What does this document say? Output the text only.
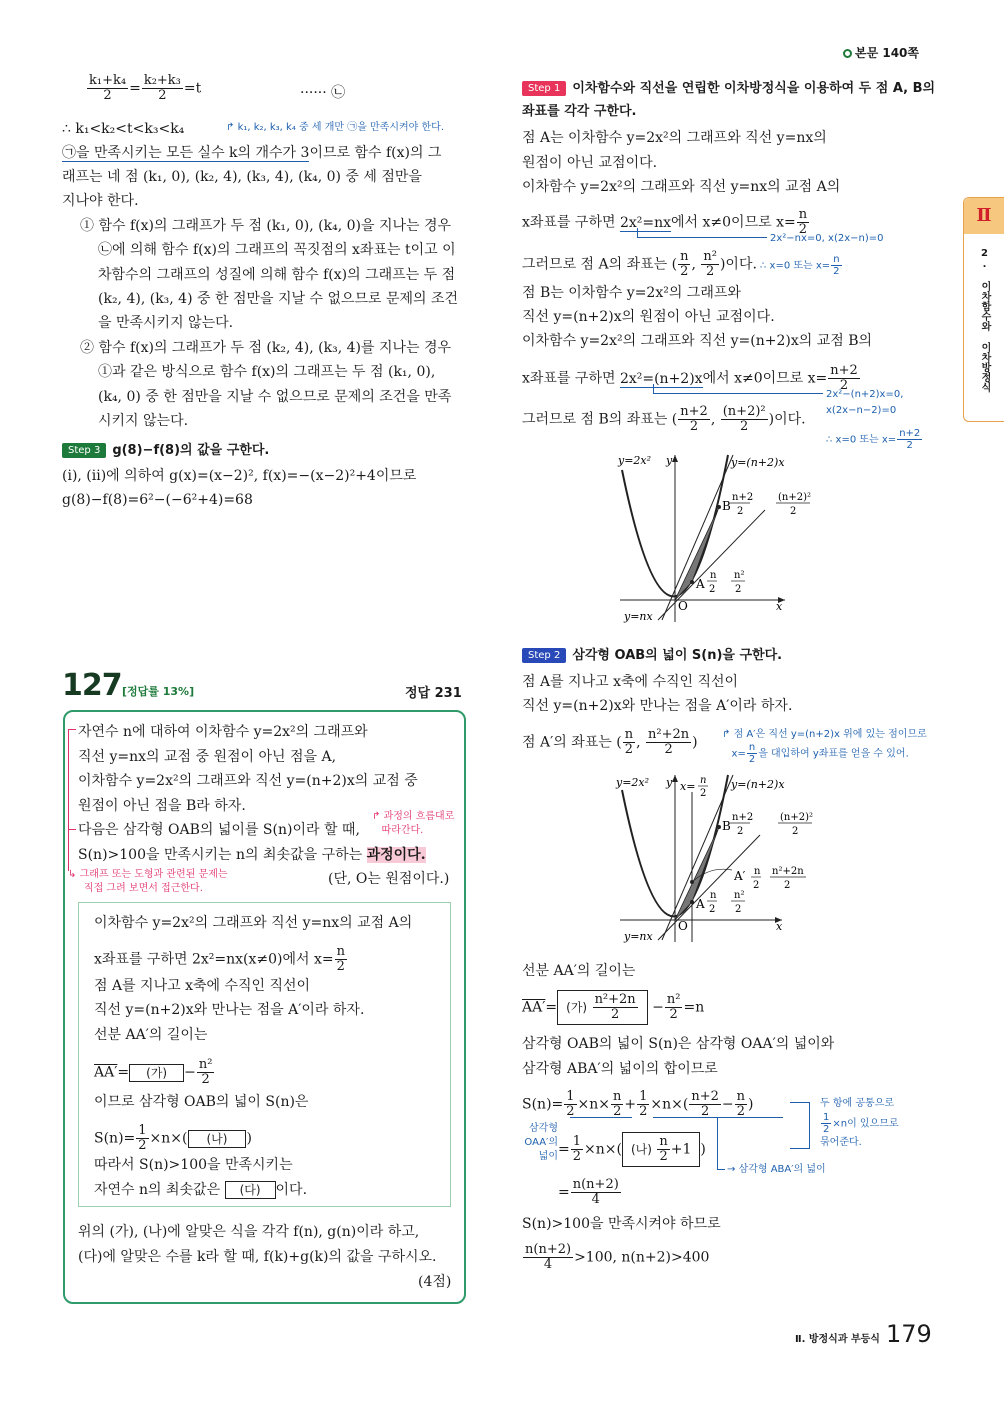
본문 140쪽
Ⅱ
2. 이차함수와 이차방정식
$\frac{\text{k₁+k₄}}{2} = \frac{\text{k₂+k₃}}{2} =t$	······ ㉡
∴ k₁<k₂<t<k₃<k₄	↱ k₁, k₂, k₃, k₄ 중 세 개만 ㉠을 만족시켜야 한다.
㉠을 만족시키는 모든 실수 k의 개수가 3이므로 함수 f(x)의 그
래프는 네 점 (k₁, 0), (k₂, 4), (k₃, 4), (k₄, 0) 중 세 점만을
지나야 한다.
① 함수 f(x)의 그래프가 두 점 (k₁, 0), (k₄, 0)을 지나는 경우
㉡에 의해 함수 f(x)의 그래프의 꼭짓점의 x좌표는 t이고 이
차함수의 그래프의 성질에 의해 함수 f(x)의 그래프는 두 점
(k₂, 4), (k₃, 4) 중 한 점만을 지날 수 없으므로 문제의 조건
을 만족시키지 않는다.
② 함수 f(x)의 그래프가 두 점 (k₂, 4), (k₃, 4)를 지나는 경우
①과 같은 방식으로 함수 f(x)의 그래프는 두 점 (k₁, 0),
(k₄, 0) 중 한 점만을 지날 수 없으므로 문제의 조건을 만족
시키지 않는다.
Step 3 g(8)−f(8)의 값을 구한다.
(i), (ii)에 의하여 g(x)=(x−2)², f(x)=−(x−2)²+4이므로
g(8)−f(8)=6²−(−6²+4)=68
127 [정답률 13%]	정답 231
자연수 n에 대하여 이차함수 y=2x²의 그래프와
직선 y=nx의 교점 중 원점이 아닌 점을 A,
이차함수 y=2x²의 그래프와 직선 y=(n+2)x의 교점 중
원점이 아닌 점을 B라 하자.
다음은 삼각형 OAB의 넓이를 S(n)이라 할 때,
S(n)>100을 만족시키는 n의 최솟값을 구하는 과정이다.
(단, O는 원점이다.)
↱ 과정의 흐름대로
따라간다.
↳ 그래프 또는 도형과 관련된 문제는
직접 그려 보면서 접근한다.
이차함수 y=2x²의 그래프와 직선 y=nx의 교점 A의
x좌표를 구하면 2x²=nx(x≠0)에서 $x= \frac{n}{2}$
점 A를 지나고 x축에 수직인 직선이
직선 y=(n+2)x와 만나는 점을 A′이라 하자.
선분 AA′의 길이는
AA′= (가) − $\frac{\text{n²}}{2}$
이므로 삼각형 OAB의 넓이 S(n)은
$S(n)= \frac{1}{2} \times n\times$( (나) )
따라서 S(n)>100을 만족시키는
자연수 n의 최솟값은 (다) 이다.
위의 (가), (나)에 알맞은 식을 각각 f(n), g(n)이라 하고,
(다)에 알맞은 수를 k라 할 때, f(k)+g(k)의 값을 구하시오.
(4점)
Step 1 이차함수와 직선을 연립한 이차방정식을 이용하여 두 점 A, B의
좌표를 각각 구한다.
점 A는 이차함수 y=2x²의 그래프와 직선 y=nx의
원점이 아닌 교점이다.
이차함수 y=2x²의 그래프와 직선 y=nx의 교점 A의
x좌표를 구하면 2x²=nx에서 x≠0이므로 $x= \frac{n}{2}$
2x²−nx=0, x(2x−n)=0
그러므로 점 A의 좌표는 ( $\frac{n}{2}$ , $\frac{\text{n²}}{2}$ )이다. ∴ x=0 또는 $x= \frac{n}{2}$
점 B는 이차함수 y=2x²의 그래프와
직선 y=(n+2)x의 원점이 아닌 교점이다.
이차함수 y=2x²의 그래프와 직선 y=(n+2)x의 교점 B의
x좌표를 구하면 2x²=(n+2)x에서 x≠0이므로 $x= \frac{n+2}{2}$
2x²−(n+2)x=0,
그러므로 점 B의 좌표는 ( $\frac{n+2}{2}$ , $\frac{\text{(n+2)²}}{2}$ )이다.
x(2x−n−2)=0
∴ x=0 또는 $x= \frac{n+2}{2}$
y=2x² y	y=(n+2)x
B
A
O	x
y=nx
n+2
2
(n+2)²
2
n
2
n²
2
Step 2 삼각형 OAB의 넓이 S(n)을 구한다.
점 A를 지나고 x축에 수직인 직선이
직선 y=(n+2)x와 만나는 점을 A′이라 하자.
점 A′의 좌표는 ( $\frac{n}{2}$ , $\frac{\text{n²+2n}}{2}$ ) ↱ 점 A′은 직선 y=(n+2)x 위에 있는 점이므로
$x= \frac{n}{2}$ 을 대입하여 y좌표를 얻을 수 있어.
y=2x² y x= n
2
y=(n+2)x
B
A′
A
O	x
y=nx
n+2
2
(n+2)²
2
n
2
n²+2n
2
n
2
n²
2
선분 AA′의 길이는
AA′= (가) $\frac{\text{n²+2n}}{2} - \frac{\text{n²}}{2} =n$
삼각형 OAB의 넓이 S(n)은 삼각형 OAA′의 넓이와
삼각형 ABA′의 넓이의 합이므로
$S(n)= \frac{1}{2} \times n\times \frac{n}{2} + \frac{1}{2} \times n\times( \frac{n+2}{2} - \frac{n}{2}$ )
→ 삼각형 ABA′의 넓이
두 항에 공통으로

$\frac{1}{2} \times n$이 있으므로
묶어준다.
삼각형
OAA′의
넓이 = $\frac{1}{2} \times n\times$( (나) $\frac{n}{2} +1$ )
= $\frac{n(n+2)}{4}$
S(n)>100을 만족시켜야 하므로
$\frac{n(n+2)}{4} >100$, n(n+2)>400
Ⅱ. 방정식과 부등식 179
